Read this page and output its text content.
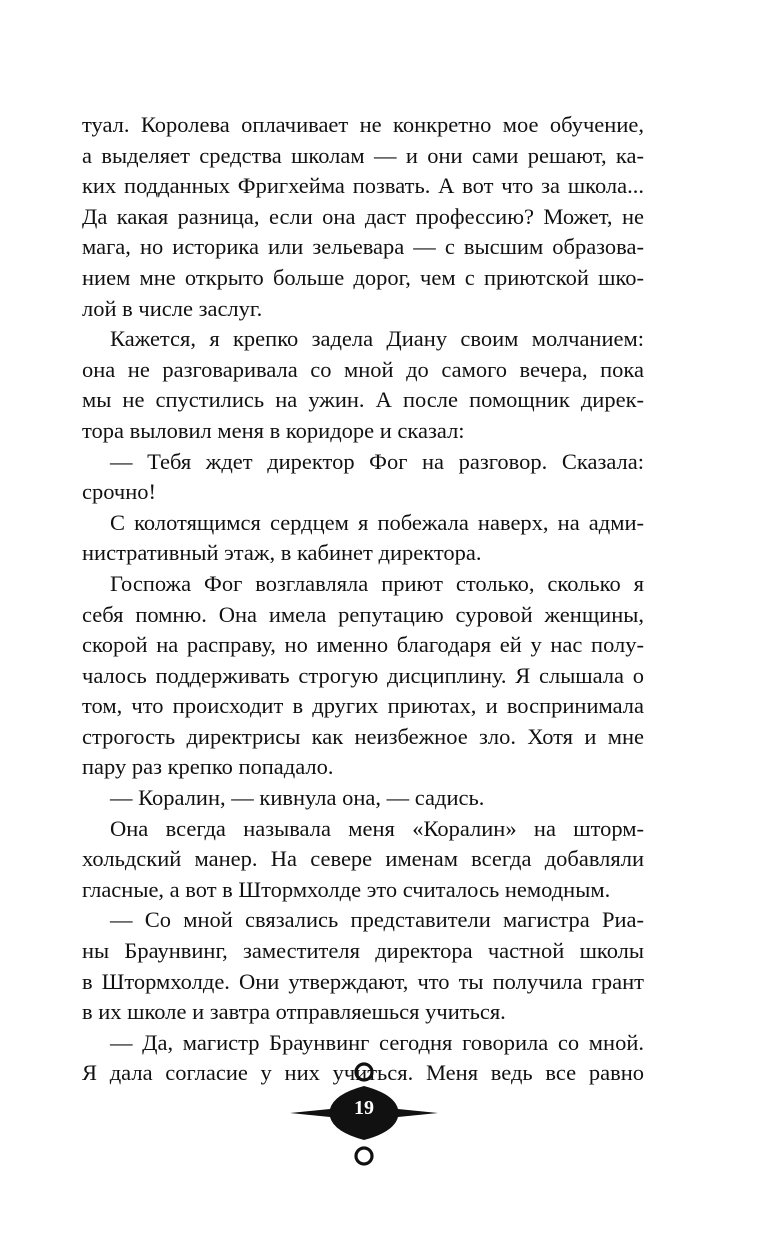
туал. Королева оплачивает не конкретно мое обучение,
а выделяет средства школам — и они сами решают, ка-
ких подданных Фригхейма позвать. А вот что за школа...
Да какая разница, если она даст профессию? Может, не
мага, но историка или зельевара — с высшим образова-
нием мне открыто больше дорог, чем с приютской шко-
лой в числе заслуг.
Кажется, я крепко задела Диану своим молчанием:
она не разговаривала со мной до самого вечера, пока
мы не спустились на ужин. А после помощник дирек-
тора выловил меня в коридоре и сказал:
— Тебя ждет директор Фог на разговор. Сказала:
срочно!
С колотящимся сердцем я побежала наверх, на адми-
нистративный этаж, в кабинет директора.
Госпожа Фог возглавляла приют столько, сколько я
себя помню. Она имела репутацию суровой женщины,
скорой на расправу, но именно благодаря ей у нас полу-
чалось поддерживать строгую дисциплину. Я слышала о
том, что происходит в других приютах, и воспринимала
строгость директрисы как неизбежное зло. Хотя и мне
пару раз крепко попадало.
— Коралин, — кивнула она, — садись.
Она всегда называла меня «Коралин» на шторм-
хольдский манер. На севере именам всегда добавляли
гласные, а вот в Штормхолде это считалось немодным.
— Со мной связались представители магистра Риа-
ны Браунвинг, заместителя директора частной школы
в Штормхолде. Они утверждают, что ты получила грант
в их школе и завтра отправляешься учиться.
— Да, магистр Браунвинг сегодня говорила со мной.
Я дала согласие у них учиться. Меня ведь все равно
19
